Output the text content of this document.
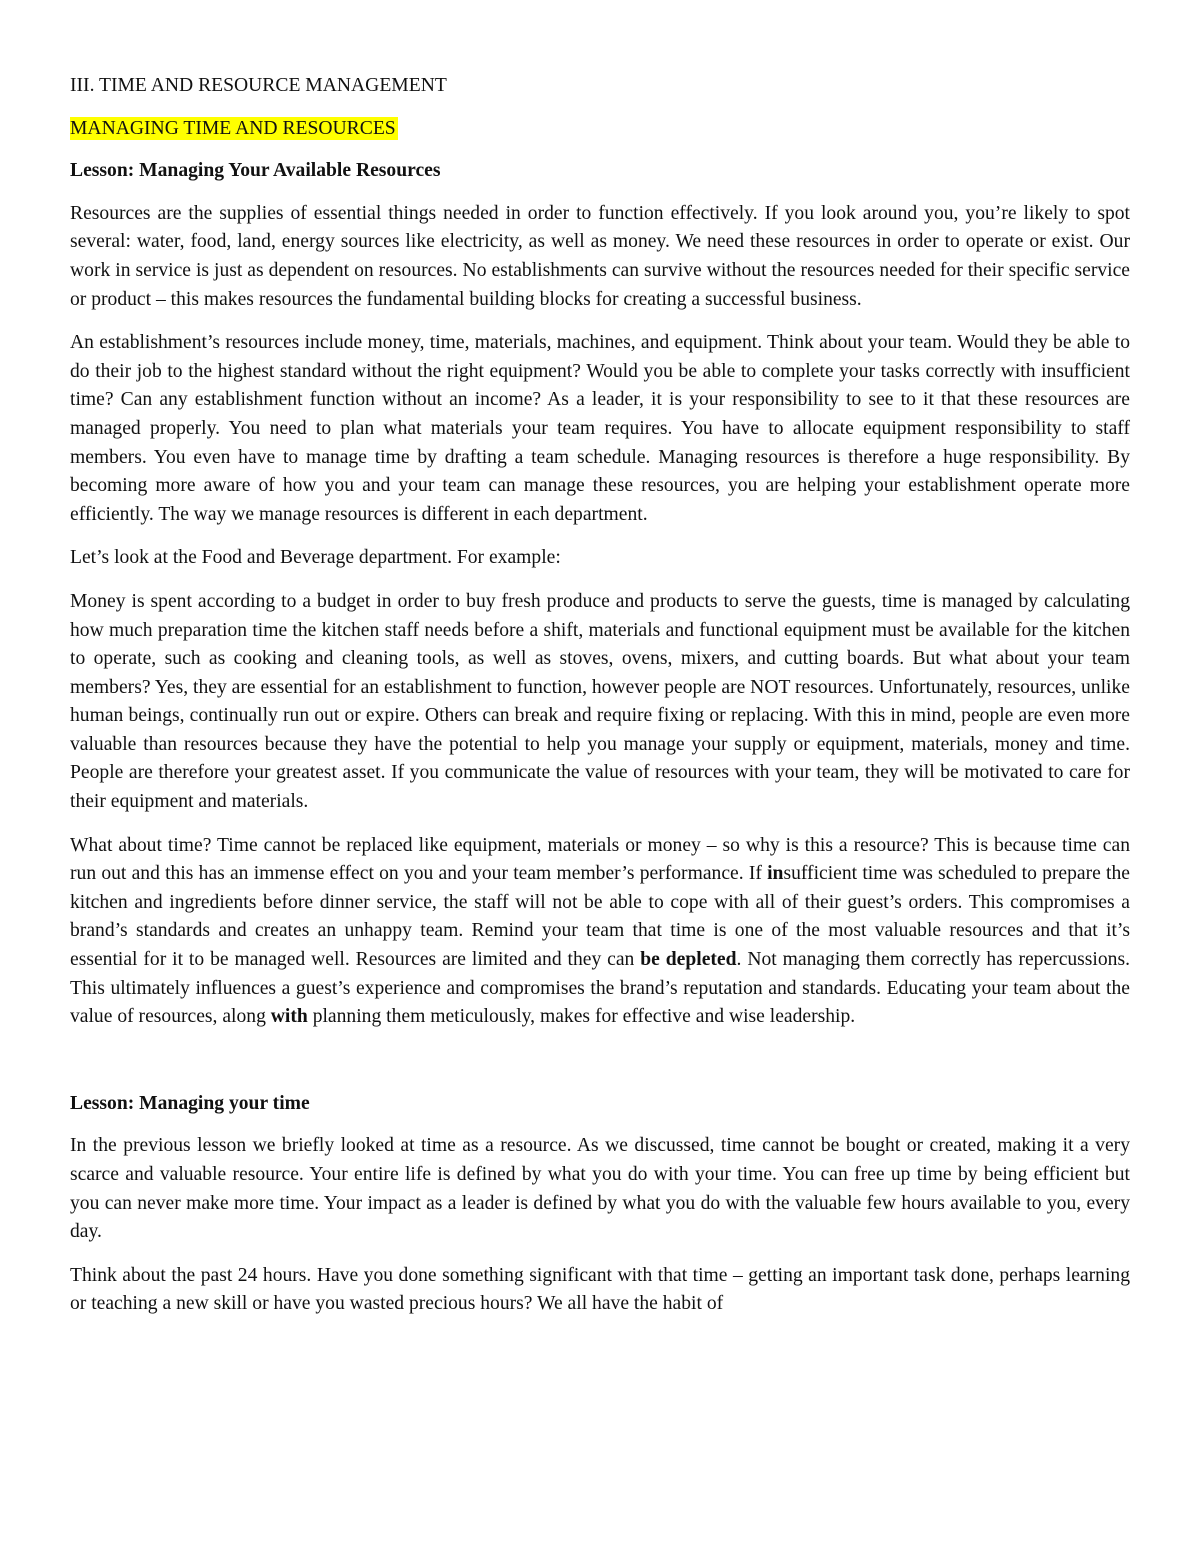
III. TIME AND RESOURCE MANAGEMENT
MANAGING TIME AND RESOURCES
Lesson: Managing Your Available Resources

Resources are the supplies of essential things needed in order to function effectively. If you look around you, you’re likely to spot several: water, food, land, energy sources like electricity, as well as money. We need these resources in order to operate or exist. Our work in service is just as dependent on resources. No establishments can survive without the resources needed for their specific service or product – this makes resources the fundamental building blocks for creating a successful business.

An establishment’s resources include money, time, materials, machines, and equipment. Think about your team. Would they be able to do their job to the highest standard without the right equipment? Would you be able to complete your tasks correctly with insufficient time? Can any establishment function without an income? As a leader, it is your responsibility to see to it that these resources are managed properly. You need to plan what materials your team requires. You have to allocate equipment responsibility to staff members. You even have to manage time by drafting a team schedule. Managing resources is therefore a huge responsibility. By becoming more aware of how you and your team can manage these resources, you are helping your establishment operate more efficiently. The way we manage resources is different in each department.

Let’s look at the Food and Beverage department. For example:

Money is spent according to a budget in order to buy fresh produce and products to serve the guests, time is managed by calculating how much preparation time the kitchen staff needs before a shift, materials and functional equipment must be available for the kitchen to operate, such as cooking and cleaning tools, as well as stoves, ovens, mixers, and cutting boards. But what about your team members? Yes, they are essential for an establishment to function, however people are NOT resources. Unfortunately, resources, unlike human beings, continually run out or expire. Others can break and require fixing or replacing. With this in mind, people are even more valuable than resources because they have the potential to help you manage your supply or equipment, materials, money and time. People are therefore your greatest asset. If you communicate the value of resources with your team, they will be motivated to care for their equipment and materials.

What about time? Time cannot be replaced like equipment, materials or money – so why is this a resource? This is because time can run out and this has an immense effect on you and your team member’s performance. If insufficient time was scheduled to prepare the kitchen and ingredients before dinner service, the staff will not be able to cope with all of their guest’s orders. This compromises a brand’s standards and creates an unhappy team. Remind your team that time is one of the most valuable resources and that it’s essential for it to be managed well. Resources are limited and they can be depleted. Not managing them correctly has repercussions. This ultimately influences a guest’s experience and compromises the brand’s reputation and standards. Educating your team about the value of resources, along with planning them meticulously, makes for effective and wise leadership.

Lesson: Managing your time

In the previous lesson we briefly looked at time as a resource. As we discussed, time cannot be bought or created, making it a very scarce and valuable resource. Your entire life is defined by what you do with your time. You can free up time by being efficient but you can never make more time. Your impact as a leader is defined by what you do with the valuable few hours available to you, every day.

Think about the past 24 hours. Have you done something significant with that time – getting an important task done, perhaps learning or teaching a new skill or have you wasted precious hours? We all have the habit of
